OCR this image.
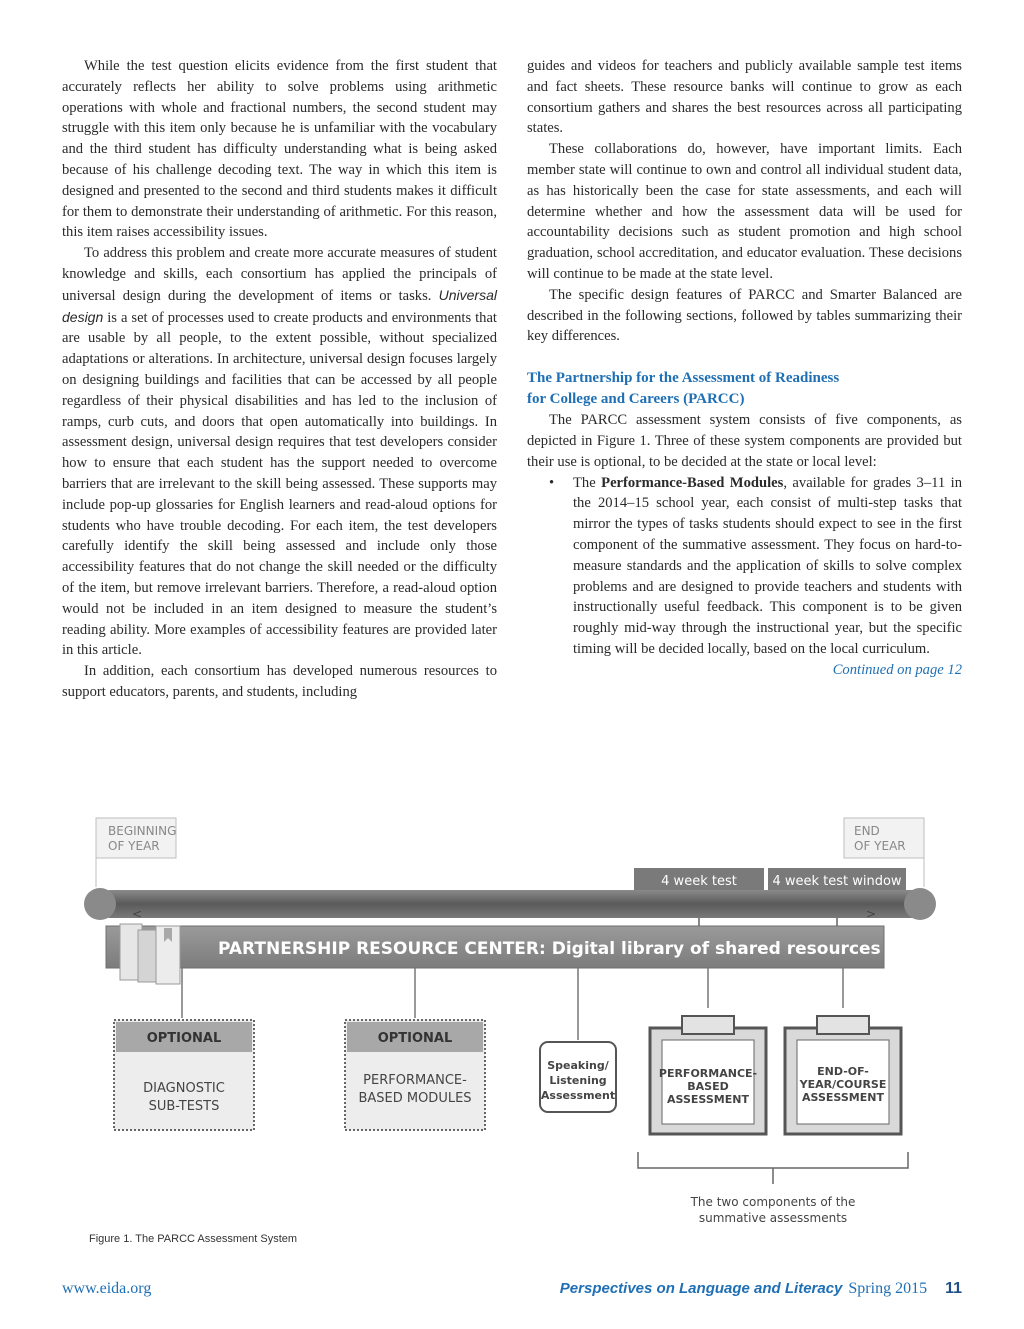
While the test question elicits evidence from the first student that accurately reflects her ability to solve problems using arithmetic operations with whole and fractional numbers, the second student may struggle with this item only because he is unfamiliar with the vocabulary and the third student has difficulty understanding what is being asked because of his challenge decoding text. The way in which this item is designed and presented to the second and third students makes it difficult for them to demonstrate their understanding of arithmetic. For this reason, this item raises accessibility issues.

To address this problem and create more accurate measures of student knowledge and skills, each consortium has applied the principals of universal design during the development of items or tasks. Universal design is a set of processes used to create products and environments that are usable by all people, to the extent possible, without specialized adaptations or alterations. In architecture, universal design focuses largely on designing buildings and facilities that can be accessed by all people regardless of their physical disabilities and has led to the inclusion of ramps, curb cuts, and doors that open automatically into buildings. In assessment design, universal design requires that test developers consider how to ensure that each student has the support needed to overcome barriers that are irrelevant to the skill being assessed. These supports may include pop-up glossaries for English learners and read-aloud options for students who have trouble decoding. For each item, the test developers carefully identify the skill being assessed and include only those accessibility features that do not change the skill needed or the difficulty of the item, but remove irrelevant barriers. Therefore, a read-aloud option would not be included in an item designed to measure the student’s reading ability. More examples of accessibility features are provided later in this article.

In addition, each consortium has developed numerous resources to support educators, parents, and students, including

guides and videos for teachers and publicly available sample test items and fact sheets. These resource banks will continue to grow as each consortium gathers and shares the best resources across all participating states.

These collaborations do, however, have important limits. Each member state will continue to own and control all individual student data, as has historically been the case for state assessments, and each will determine whether and how the assessment data will be used for accountability decisions such as student promotion and high school graduation, school accreditation, and educator evaluation. These decisions will continue to be made at the state level.

The specific design features of PARCC and Smarter Balanced are described in the following sections, followed by tables summarizing their key differences.

The Partnership for the Assessment of Readiness
for College and Careers (PARCC)

The PARCC assessment system consists of five components, as depicted in Figure 1. Three of these system components are provided but their use is optional, to be decided at the state or local level:

• The Performance-Based Modules, available for grades 3–11 in the 2014–15 school year, each consist of multi-step tasks that mirror the types of tasks students should expect to see in the first component of the summative assessment. They focus on hard-to-measure standards and the application of skills to solve complex problems and are designed to provide teachers and students with instructionally useful feedback. This component is to be given roughly mid-way through the instructional year, but the specific timing will be decided locally, based on the local curriculum.

Continued on page 12

BEGINNING
OF YEAR
END
OF YEAR
4 week test	4 week test window
<	>
PARTNERSHIP RESOURCE CENTER: Digital library of shared resources
OPTIONAL
DIAGNOSTIC
SUB-TESTS
OPTIONAL
PERFORMANCE-
BASED MODULES
Speaking/
Listening
Assessment
PERFORMANCE-
BASED
ASSESSMENT
END-OF-
YEAR/COURSE
ASSESSMENT
The two components of the
summative assessments
Figure 1. The PARCC Assessment System
www.eida.org	Perspectives on Language and Literacy Spring 2015 11
